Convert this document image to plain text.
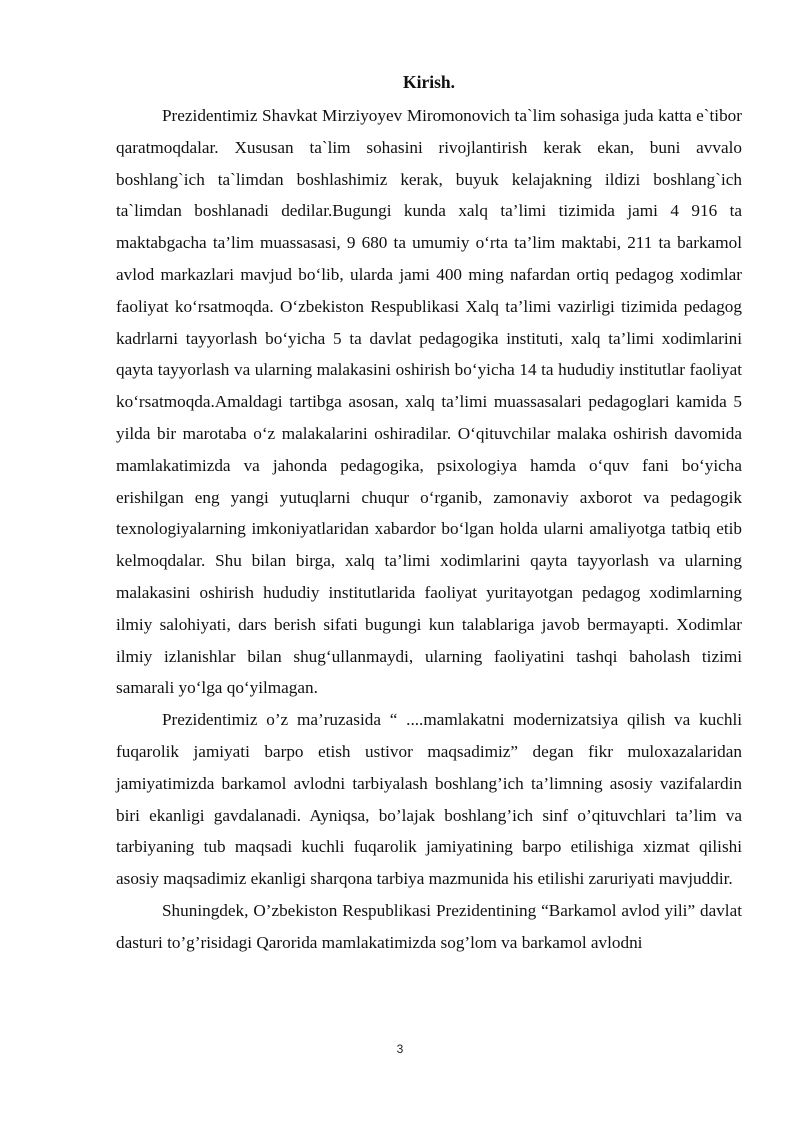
Kirish.

Prezidentimiz Shavkat Mirziyoyev Miromonovich ta`lim sohasiga juda katta e`tibor qaratmoqdalar. Xususan ta`lim sohasini rivojlantirish kerak ekan, buni avvalo boshlang`ich ta`limdan boshlashimiz kerak, buyuk kelajakning ildizi boshlang`ich ta`limdan boshlanadi dedilar.Bugungi kunda xalq ta’limi tizimida jami 4 916 ta maktabgacha ta’lim muassasasi, 9 680 ta umumiy o‘rta ta’lim maktabi, 211 ta barkamol avlod markazlari mavjud bo‘lib, ularda jami 400 ming nafardan ortiq pedagog xodimlar faoliyat ko‘rsatmoqda. O‘zbekiston Respublikasi Xalq ta’limi vazirligi tizimida pedagog kadrlarni tayyorlash bo‘yicha 5 ta davlat pedagogika instituti, xalq ta’limi xodimlarini qayta tayyorlash va ularning malakasini oshirish bo‘yicha 14 ta hududiy institutlar faoliyat ko‘rsatmoqda.Amaldagi tartibga asosan, xalq ta’limi muassasalari pedagoglari kamida 5 yilda bir marotaba o‘z malakalarini oshiradilar. O‘qituvchilar malaka oshirish davomida mamlakatimizda va jahonda pedagogika, psixologiya hamda o‘quv fani bo‘yicha erishilgan eng yangi yutuqlarni chuqur o‘rganib, zamonaviy axborot va pedagogik texnologiyalarning imkoniyatlaridan xabardor bo‘lgan holda ularni amaliyotga tatbiq etib kelmoqdalar. Shu bilan birga, xalq ta’limi xodimlarini qayta tayyorlash va ularning malakasini oshirish hududiy institutlarida faoliyat yuritayotgan pedagog xodimlarning ilmiy salohiyati, dars berish sifati bugungi kun talablariga javob bermayapti. Xodimlar ilmiy izlanishlar bilan shug‘ullanmaydi, ularning faoliyatini tashqi baholash tizimi samarali yo‘lga qo‘yilmagan.

Prezidentimiz o’z ma’ruzasida “ ....mamlakatni modernizatsiya qilish va kuchli fuqarolik jamiyati barpo etish ustivor maqsadimiz” degan fikr muloxazalaridan jamiyatimizda barkamol avlodni tarbiyalash boshlang’ich ta’limning asosiy vazifalardin biri ekanligi gavdalanadi. Ayniqsa, bo’lajak boshlang’ich sinf o’qituvchlari ta’lim va tarbiyaning tub maqsadi kuchli fuqarolik jamiyatining barpo etilishiga xizmat qilishi asosiy maqsadimiz ekanligi sharqona tarbiya mazmunida his etilishi zaruriyati mavjuddir.

Shuningdek, O’zbekiston Respublikasi Prezidentining “Barkamol avlod yili” davlat dasturi to’g’risidagi Qarorida mamlakatimizda sog’lom va barkamol avlodni

3
